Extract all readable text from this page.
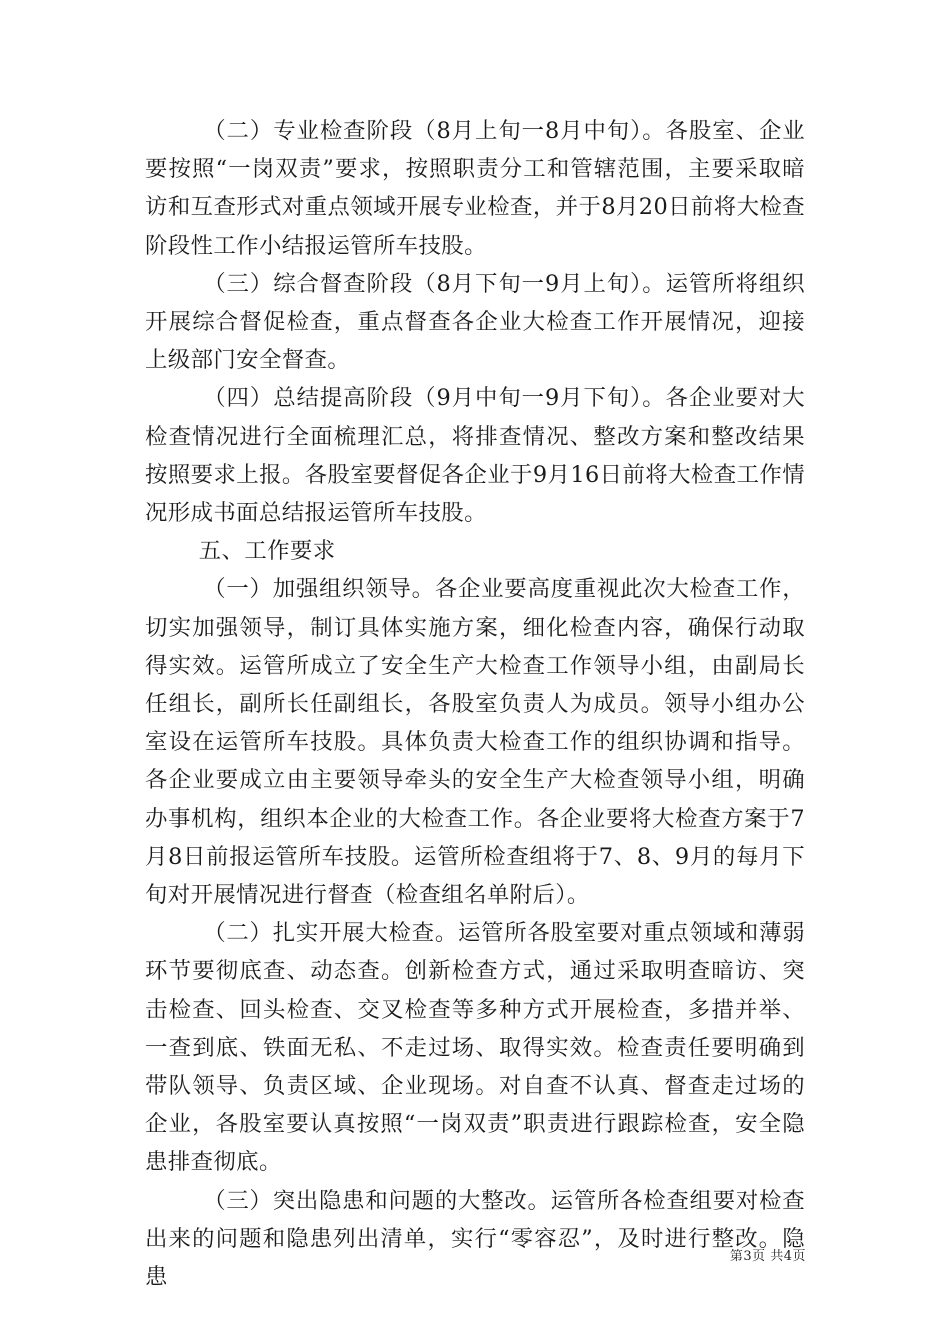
（二）专业检查阶段（8月上旬一8月中旬）。各股室、企业要按照“一岗双责”要求，按照职责分工和管辖范围，主要采取暗访和互查形式对重点领域开展专业检查，并于8月20日前将大检查阶段性工作小结报运管所车技股。

（三）综合督查阶段（8月下旬一9月上旬）。运管所将组织开展综合督促检查，重点督查各企业大检查工作开展情况，迎接上级部门安全督查。

（四）总结提高阶段（9月中旬一9月下旬）。各企业要对大检查情况进行全面梳理汇总，将排查情况、整改方案和整改结果按照要求上报。各股室要督促各企业于9月16日前将大检查工作情况形成书面总结报运管所车技股。

五、工作要求

（一）加强组织领导。各企业要高度重视此次大检查工作，切实加强领导，制订具体实施方案，细化检查内容，确保行动取得实效。运管所成立了安全生产大检查工作领导小组，由副局长任组长，副所长任副组长，各股室负责人为成员。领导小组办公室设在运管所车技股。具体负责大检查工作的组织协调和指导。各企业要成立由主要领导牵头的安全生产大检查领导小组，明确办事机构，组织本企业的大检查工作。各企业要将大检查方案于7月8日前报运管所车技股。运管所检查组将于7、8、9月的每月下旬对开展情况进行督查（检查组名单附后）。

（二）扎实开展大检查。运管所各股室要对重点领域和薄弱环节要彻底查、动态查。创新检查方式，通过采取明查暗访、突击检查、回头检查、交叉检查等多种方式开展检查，多措并举、一查到底、铁面无私、不走过场、取得实效。检查责任要明确到带队领导、负责区域、企业现场。对自查不认真、督查走过场的企业，各股室要认真按照“一岗双责”职责进行跟踪检查，安全隐患排查彻底。

（三）突出隐患和问题的大整改。运管所各检查组要对检查出来的问题和隐患列出清单，实行“零容忍”，及时进行整改。隐患

第3页 共4页
